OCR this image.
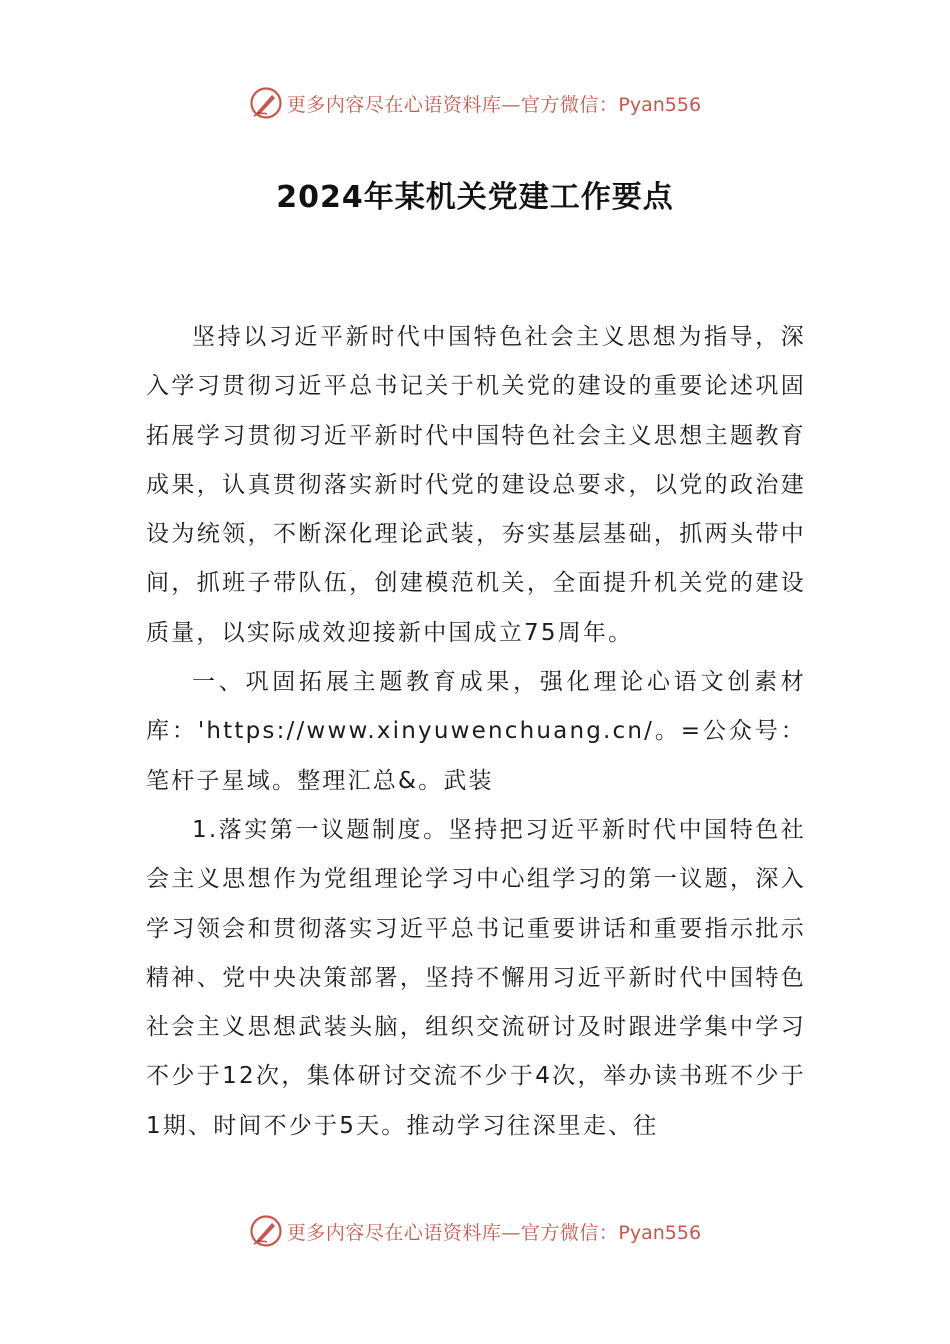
更多内容尽在心语资料库—官方微信：Pyan556
2024年某机关党建工作要点

坚持以习近平新时代中国特色社会主义思想为指导，深入学习贯彻习近平总书记关于机关党的建设的重要论述巩固拓展学习贯彻习近平新时代中国特色社会主义思想主题教育成果，认真贯彻落实新时代党的建设总要求，以党的政治建设为统领，不断深化理论武装，夯实基层基础，抓两头带中间，抓班子带队伍，创建模范机关，全面提升机关党的建设质量，以实际成效迎接新中国成立75周年。

一、巩固拓展主题教育成果，强化理论心语文创素材库：'https://www.xinyuwenchuang.cn/。=公众号：笔杆子星域。整理汇总&。武装

1.落实第一议题制度。坚持把习近平新时代中国特色社会主义思想作为党组理论学习中心组学习的第一议题，深入学习领会和贯彻落实习近平总书记重要讲话和重要指示批示精神、党中央决策部署，坚持不懈用习近平新时代中国特色社会主义思想武装头脑，组织交流研讨及时跟进学集中学习不少于12次，集体研讨交流不少于4次，举办读书班不少于1期、时间不少于5天。推动学习往深里走、往

更多内容尽在心语资料库—官方微信：Pyan556
